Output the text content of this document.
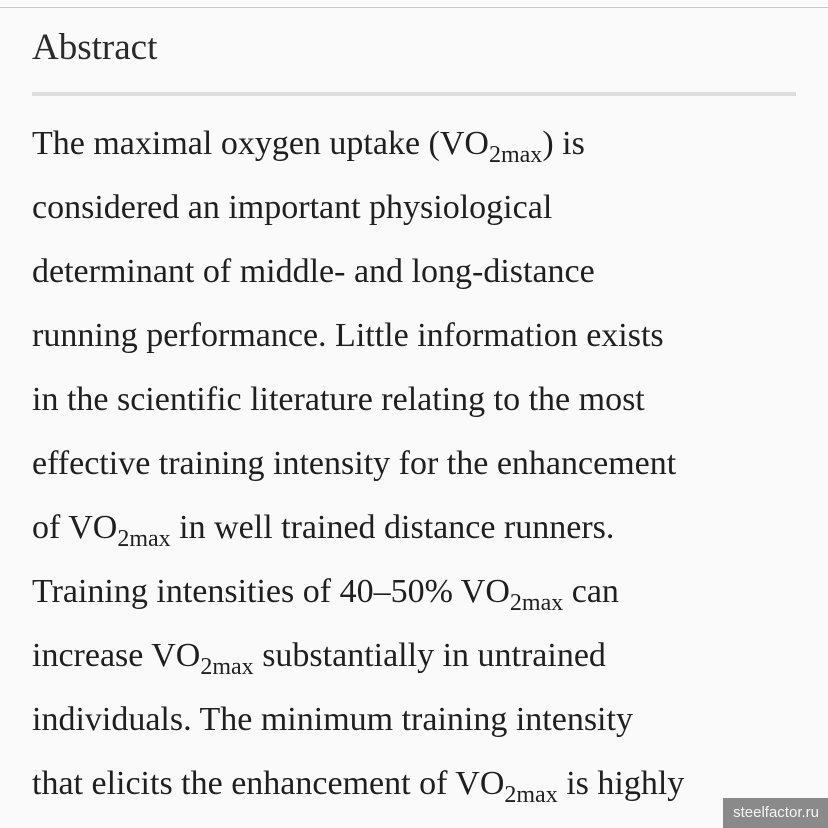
Abstract

The maximal oxygen uptake $(VO_{2max})$ is
considered an important physiological
determinant of middle- and long-distance
running performance. Little information exists
in the scientific literature relating to the most
effective training intensity for the enhancement
of $VO_{2max}$ in well trained distance runners.
Training intensities of 40–50% $VO_{2max}$ can
increase $VO_{2max}$ substantially in untrained
individuals. The minimum training intensity
that elicits the enhancement of $VO_{2max}$ is highly

steelfactor.ru
